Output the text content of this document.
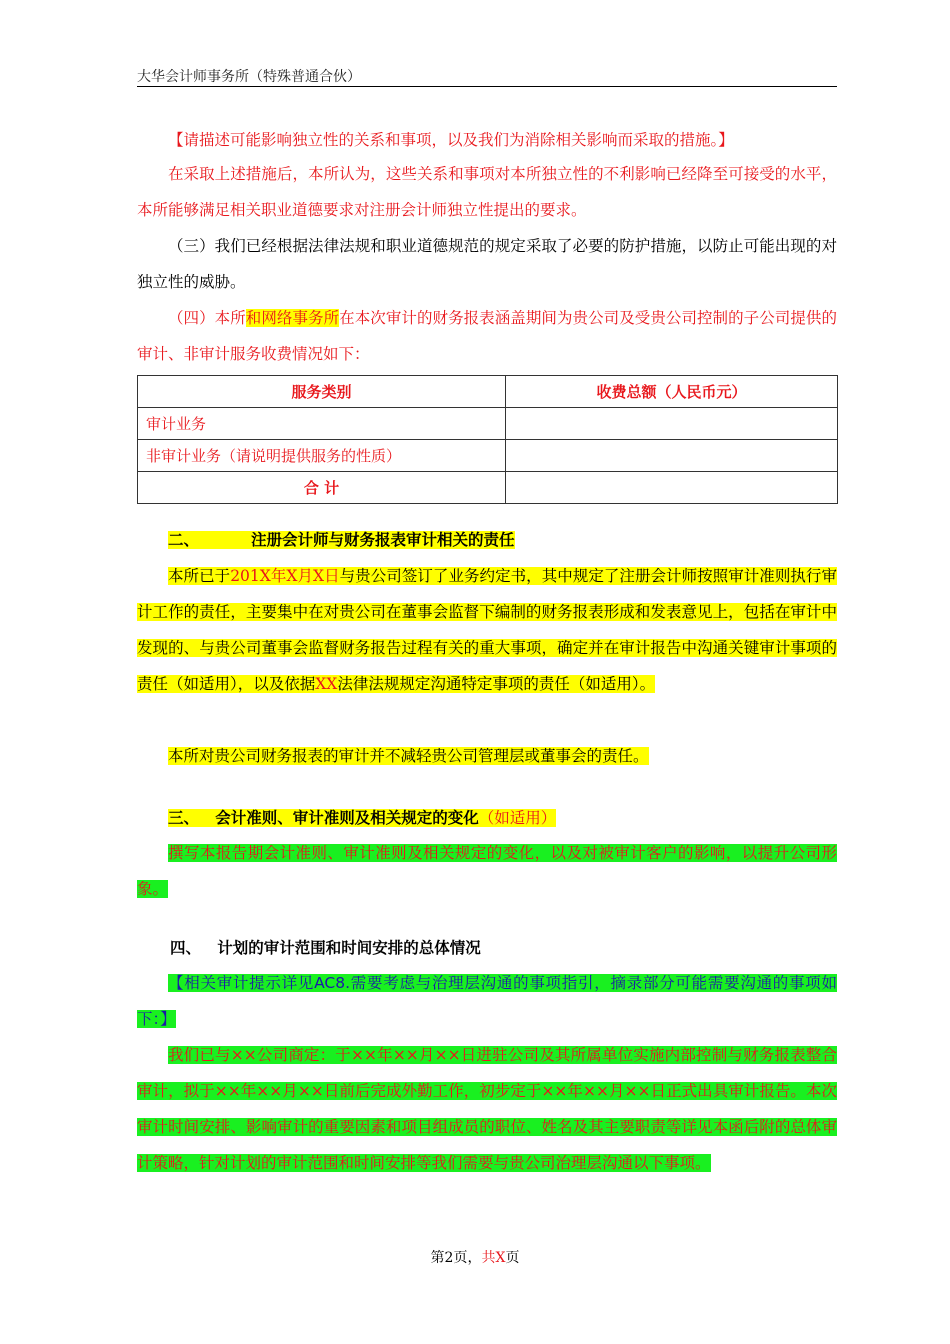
大华会计师事务所（特殊普通合伙）
【请描述可能影响独立性的关系和事项，以及我们为消除相关影响而采取的措施。】
在采取上述措施后，本所认为，这些关系和事项对本所独立性的不利影响已经降至可接受的水平，本所能够满足相关职业道德要求对注册会计师独立性提出的要求。
（三）我们已经根据法律法规和职业道德规范的规定采取了必要的防护措施，以防止可能出现的对独立性的威胁。
（四）本所和网络事务所在本次审计的财务报表涵盖期间为贵公司及受贵公司控制的子公司提供的审计、非审计服务收费情况如下：
服务类别	收费总额（人民币元）
审计业务	
非审计业务（请说明提供服务的性质）	
合 计	
二、	注册会计师与财务报表审计相关的责任
本所已于201X年X月X日与贵公司签订了业务约定书，其中规定了注册会计师按照审计准则执行审计工作的责任，主要集中在对贵公司在董事会监督下编制的财务报表形成和发表意见上，包括在审计中发现的、与贵公司董事会监督财务报告过程有关的重大事项，确定并在审计报告中沟通关键审计事项的责任（如适用），以及依据XX法律法规规定沟通特定事项的责任（如适用）。
本所对贵公司财务报表的审计并不减轻贵公司管理层或董事会的责任。
三、 会计准则、审计准则及相关规定的变化（如适用）
撰写本报告期会计准则、审计准则及相关规定的变化，以及对被审计客户的影响，以提升公司形象。
四、 计划的审计范围和时间安排的总体情况
【相关审计提示详见AC8.需要考虑与治理层沟通的事项指引，摘录部分可能需要沟通的事项如下：】
我们已与××公司商定：于××年××月××日进驻公司及其所属单位实施内部控制与财务报表整合审计，拟于××年××月××日前后完成外勤工作，初步定于××年××月××日正式出具审计报告。本次审计时间安排、影响审计的重要因素和项目组成员的职位、姓名及其主要职责等详见本函后附的总体审计策略，针对计划的审计范围和时间安排等我们需要与贵公司治理层沟通以下事项。
第2页，共X页
